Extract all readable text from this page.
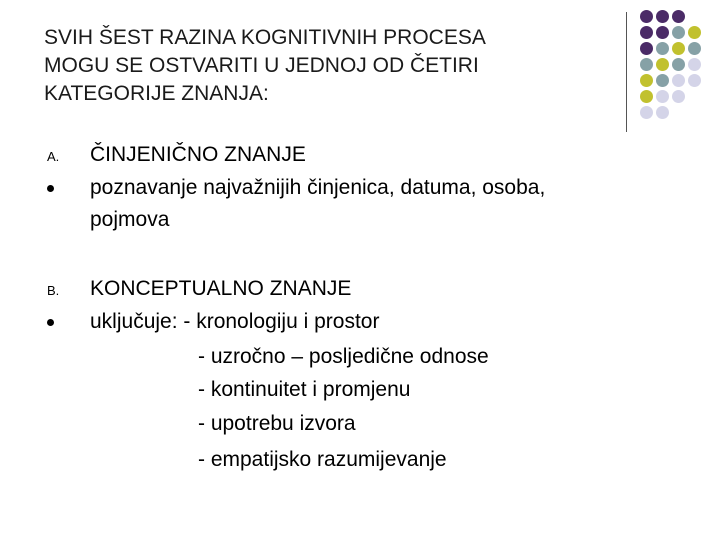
SVIH ŠEST RAZINA KOGNITIVNIH PROCESA
MOGU SE OSTVARITI U JEDNOJ OD ČETIRI
KATEGORIJE ZNANJA:
A. ČINJENIČNO ZNANJE
poznavanje najvažnijih činjenica, datuma, osoba,
pojmova
B. KONCEPTUALNO ZNANJE
uključuje: - kronologiju i prostor
- uzročno – posljedične odnose
- kontinuitet i promjenu
- upotrebu izvora
- empatijsko razumijevanje
